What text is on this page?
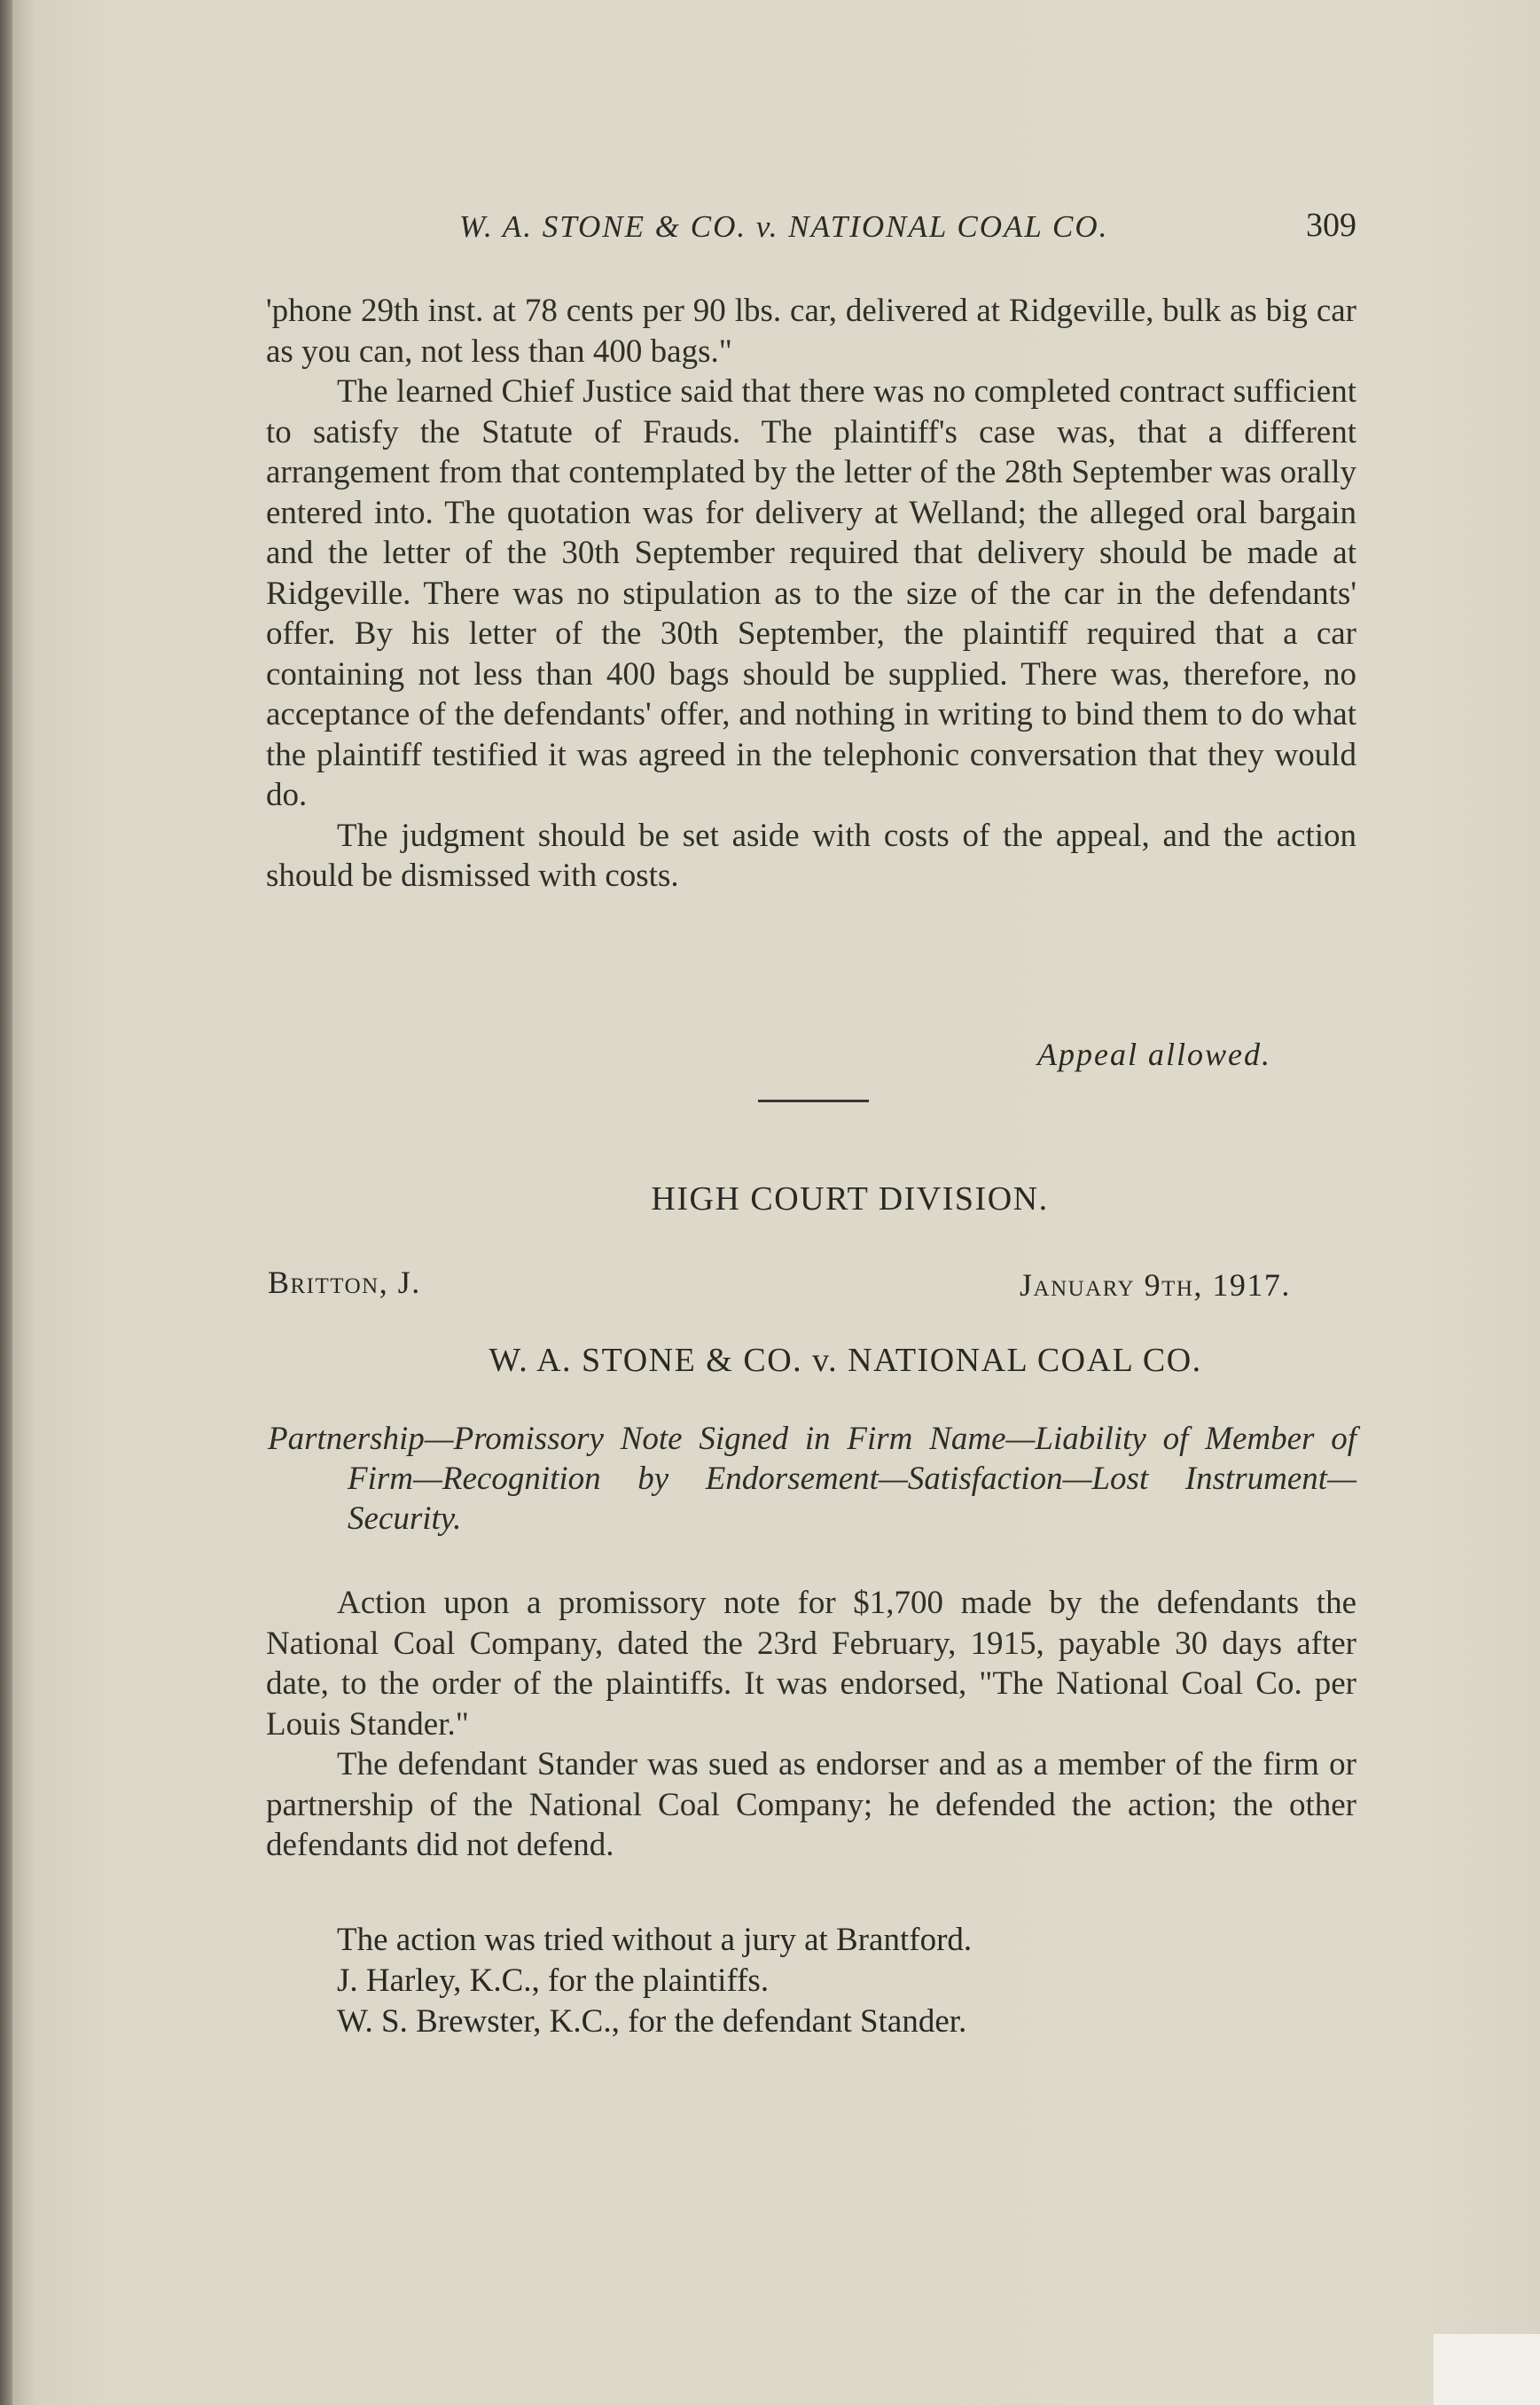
W. A. STONE & CO. v. NATIONAL COAL CO.	309

'phone 29th inst. at 78 cents per 90 lbs. car, delivered at Ridgeville, bulk as big car as you can, not less than 400 bags."

The learned Chief Justice said that there was no completed contract sufficient to satisfy the Statute of Frauds. The plaintiff's case was, that a different arrangement from that contemplated by the letter of the 28th September was orally entered into. The quotation was for delivery at Welland; the alleged oral bargain and the letter of the 30th September required that delivery should be made at Ridgeville. There was no stipulation as to the size of the car in the defendants' offer. By his letter of the 30th September, the plaintiff required that a car containing not less than 400 bags should be supplied. There was, therefore, no acceptance of the defendants' offer, and nothing in writing to bind them to do what the plaintiff testified it was agreed in the telephonic conversation that they would do.

The judgment should be set aside with costs of the appeal, and the action should be dismissed with costs.

Appeal allowed.
HIGH COURT DIVISION.
Britton, J.	January 9th, 1917.
W. A. STONE & CO. v. NATIONAL COAL CO.
Partnership—Promissory Note Signed in Firm Name—Liability of Member of Firm—Recognition by Endorsement—Satisfaction—Lost Instrument—Security.

Action upon a promissory note for $1,700 made by the defendants the National Coal Company, dated the 23rd February, 1915, payable 30 days after date, to the order of the plaintiffs. It was endorsed, "The National Coal Co. per Louis Stander."

The defendant Stander was sued as endorser and as a member of the firm or partnership of the National Coal Company; he defended the action; the other defendants did not defend.

The action was tried without a jury at Brantford.

J. Harley, K.C., for the plaintiffs.

W. S. Brewster, K.C., for the defendant Stander.
